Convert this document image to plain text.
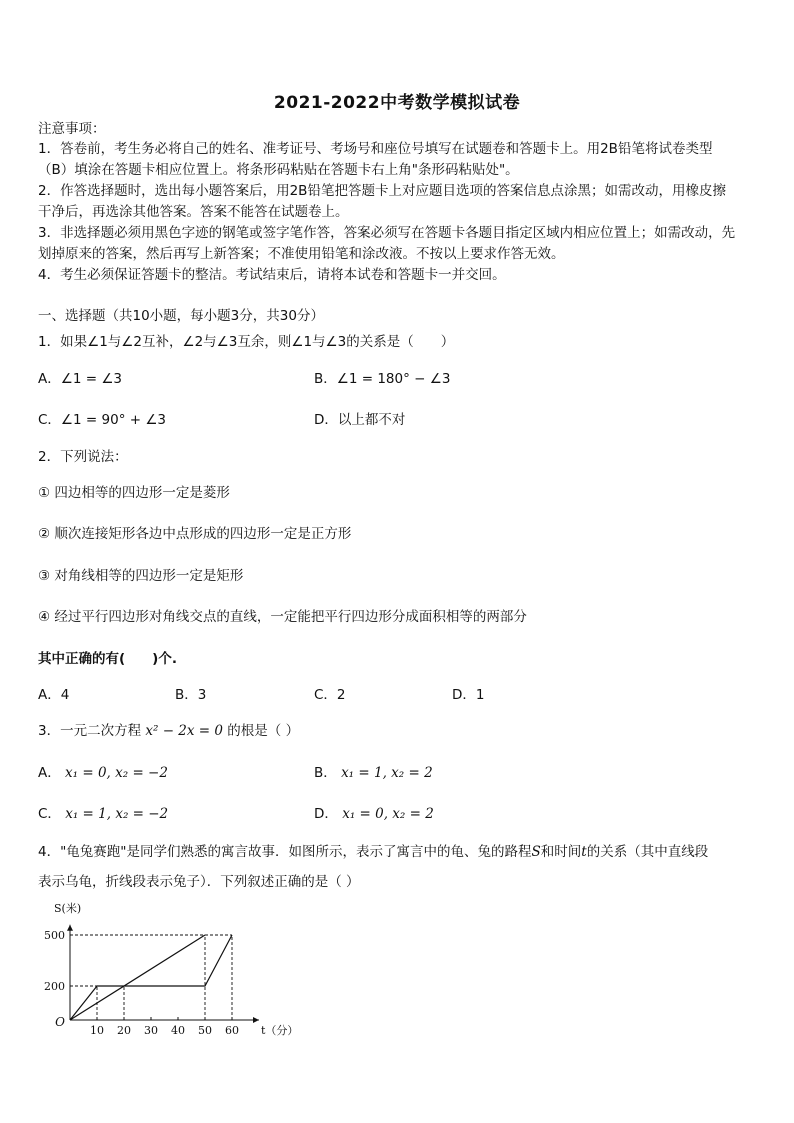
2021-2022中考数学模拟试卷
注意事项：
1．答卷前，考生务必将自己的姓名、准考证号、考场号和座位号填写在试题卷和答题卡上。用2B铅笔将试卷类型
（B）填涂在答题卡相应位置上。将条形码粘贴在答题卡右上角"条形码粘贴处"。
2．作答选择题时，选出每小题答案后，用2B铅笔把答题卡上对应题目选项的答案信息点涂黑；如需改动，用橡皮擦
干净后，再选涂其他答案。答案不能答在试题卷上。
3．非选择题必须用黑色字迹的钢笔或签字笔作答，答案必须写在答题卡各题目指定区域内相应位置上；如需改动，先
划掉原来的答案，然后再写上新答案；不准使用铅笔和涂改液。不按以上要求作答无效。
4．考生必须保证答题卡的整洁。考试结束后，请将本试卷和答题卡一并交回。
一、选择题（共10小题，每小题3分，共30分）
1．如果∠1与∠2互补，∠2与∠3互余，则∠1与∠3的关系是（　　）
A．∠1 = ∠3	B．∠1 = 180° − ∠3
C．∠1 = 90° + ∠3	D．以上都不对
2．下列说法：
① 四边相等的四边形一定是菱形
② 顺次连接矩形各边中点形成的四边形一定是正方形
③ 对角线相等的四边形一定是矩形
④ 经过平行四边形对角线交点的直线，一定能把平行四边形分成面积相等的两部分
其中正确的有(　　)个.
A．4	B．3	C．2	D．1
3．一元二次方程 x² − 2x = 0 的根是（ ）
A． x₁ = 0, x₂ = −2	B． x₁ = 1, x₂ = 2
C． x₁ = 1, x₂ = −2	D． x₁ = 0, x₂ = 2
4．"龟兔赛跑"是同学们熟悉的寓言故事．如图所示，表示了寓言中的龟、兔的路程S和时间t的关系（其中直线段
表示乌龟，折线段表示兔子）．下列叙述正确的是（ ）
10 20 30 40 50 60
200
500
O
S(米)
t（分）
